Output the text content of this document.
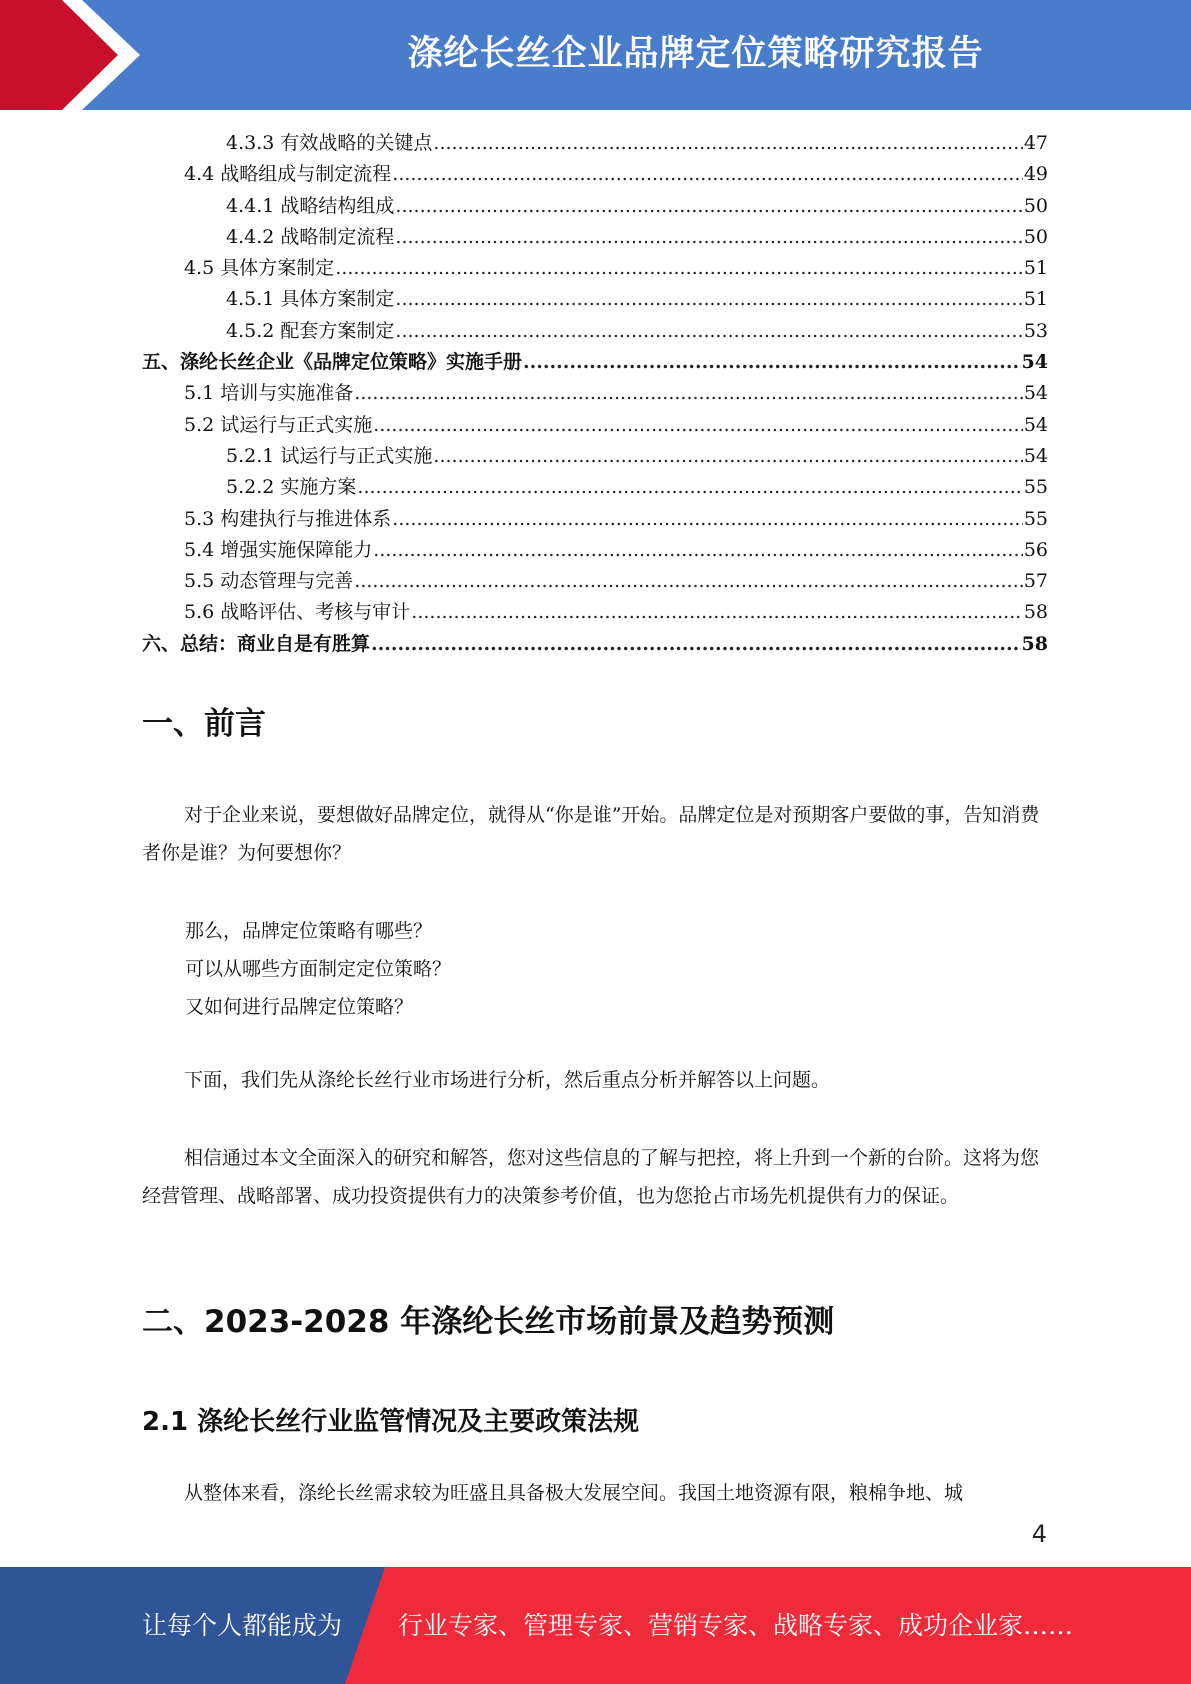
涤纶长丝企业品牌定位策略研究报告
4.3.3 有效战略的关键点 .....	47
4.4 战略组成与制定流程 .....	49
4.4.1 战略结构组成 .....	50
4.4.2 战略制定流程 .....	50
4.5 具体方案制定 .....	51
4.5.1 具体方案制定 .....	51
4.5.2 配套方案制定 .....	53
五、涤纶长丝企业《品牌定位策略》实施手册 .....	54
5.1 培训与实施准备 .....	54
5.2 试运行与正式实施 .....	54
5.2.1 试运行与正式实施 .....	54
5.2.2 实施方案 .....	55
5.3 构建执行与推进体系 .....	55
5.4 增强实施保障能力 .....	56
5.5 动态管理与完善 .....	57
5.6 战略评估、考核与审计 .....	58
六、总结：商业自是有胜算 .....	58
一、前言

对于企业来说，要想做好品牌定位，就得从“你是谁”开始。品牌定位是对预期客户要做的事，告知消费者你是谁？为何要想你？

那么，品牌定位策略有哪些？
可以从哪些方面制定定位策略？
又如何进行品牌定位策略？

下面，我们先从涤纶长丝行业市场进行分析，然后重点分析并解答以上问题。

相信通过本文全面深入的研究和解答，您对这些信息的了解与把控，将上升到一个新的台阶。这将为您经营管理、战略部署、成功投资提供有力的决策参考价值，也为您抢占市场先机提供有力的保证。

二、2023-2028 年涤纶长丝市场前景及趋势预测
2.1 涤纶长丝行业监管情况及主要政策法规

从整体来看，涤纶长丝需求较为旺盛且具备极大发展空间。我国土地资源有限，粮棉争地、城

4
让每个人都能成为 行业专家、管理专家、营销专家、战略专家、成功企业家……
